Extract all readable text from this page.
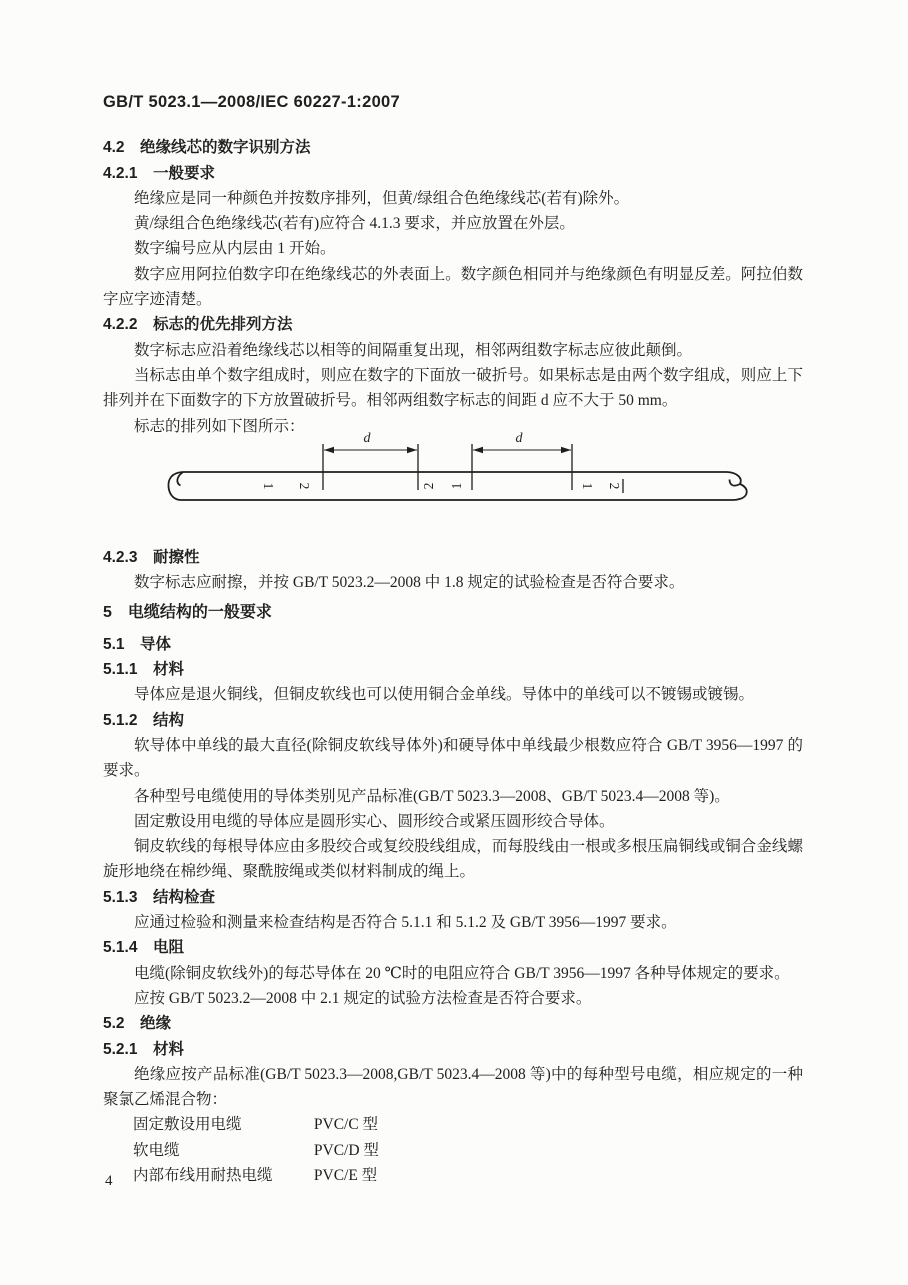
GB/T 5023.1—2008/IEC 60227-1:2007
4.2　绝缘线芯的数字识别方法
4.2.1　一般要求

绝缘应是同一种颜色并按数序排列，但黄/绿组合色绝缘线芯(若有)除外。

黄/绿组合色绝缘线芯(若有)应符合 4.1.3 要求，并应放置在外层。

数字编号应从内层由 1 开始。

数字应用阿拉伯数字印在绝缘线芯的外表面上。数字颜色相同并与绝缘颜色有明显反差。阿拉伯数字应字迹清楚。

4.2.2　标志的优先排列方法

数字标志应沿着绝缘线芯以相等的间隔重复出现，相邻两组数字标志应彼此颠倒。

当标志由单个数字组成时，则应在数字的下面放一破折号。如果标志是由两个数字组成，则应上下排列并在下面数字的下方放置破折号。相邻两组数字标志的间距 d 应不大于 50 mm。

标志的排列如下图所示：

d	d
1 2	2 1	1 2
4.2.3　耐擦性

数字标志应耐擦，并按 GB/T 5023.2—2008 中 1.8 规定的试验检查是否符合要求。

5　电缆结构的一般要求
5.1　导体
5.1.1　材料

导体应是退火铜线，但铜皮软线也可以使用铜合金单线。导体中的单线可以不镀锡或镀锡。

5.1.2　结构

软导体中单线的最大直径(除铜皮软线导体外)和硬导体中单线最少根数应符合 GB/T 3956—1997 的要求。

各种型号电缆使用的导体类别见产品标准(GB/T 5023.3—2008、GB/T 5023.4—2008 等)。

固定敷设用电缆的导体应是圆形实心、圆形绞合或紧压圆形绞合导体。

铜皮软线的每根导体应由多股绞合或复绞股线组成，而每股线由一根或多根压扁铜线或铜合金线螺旋形地绕在棉纱绳、聚酰胺绳或类似材料制成的绳上。

5.1.3　结构检查

应通过检验和测量来检查结构是否符合 5.1.1 和 5.1.2 及 GB/T 3956—1997 要求。

5.1.4　电阻

电缆(除铜皮软线外)的每芯导体在 20 ℃时的电阻应符合 GB/T 3956—1997 各种导体规定的要求。

应按 GB/T 5023.2—2008 中 2.1 规定的试验方法检查是否符合要求。

5.2　绝缘
5.2.1　材料

绝缘应按产品标准(GB/T 5023.3—2008,GB/T 5023.4—2008 等)中的每种型号电缆，相应规定的一种聚氯乙烯混合物：

固定敷设用电缆	PVC/C 型
软电缆	PVC/D 型
内部布线用耐热电缆	PVC/E 型
4
